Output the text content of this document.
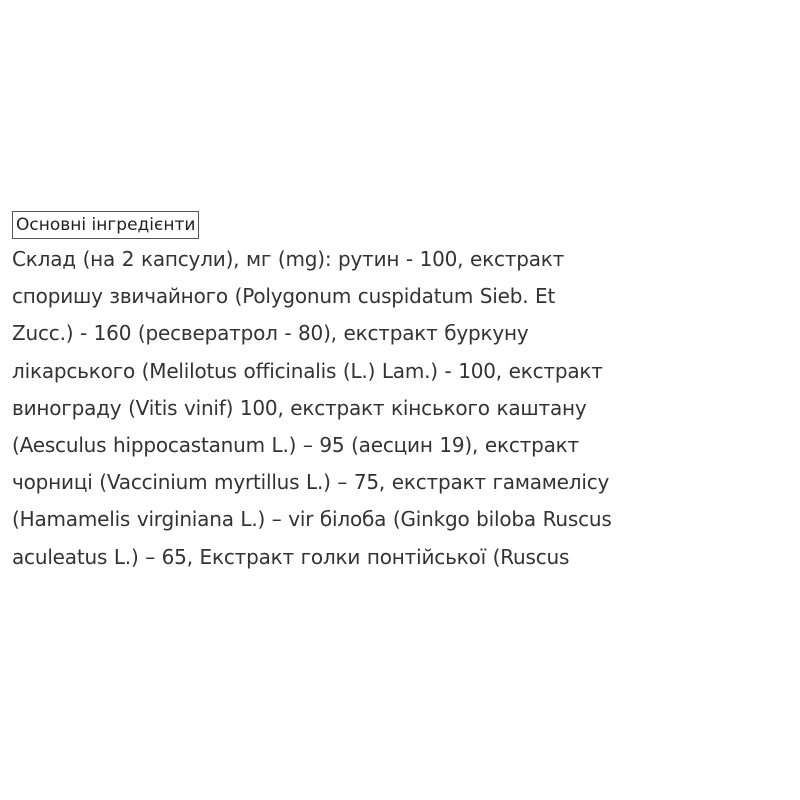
Основні інгредієнти
Склад (на 2 капсули), мг (mg): рутин - 100, екстракт
споришу звичайного (Polygonum cuspidatum Sieb. Et
Zucc.) - 160 (ресвератрол - 80), екстракт буркуну
лікарського (Melilotus officinalis (L.) Lam.) - 100, екстракт
винограду (Vitis vinif) 100, екстракт кінського каштану
(Aesculus hippocastanum L.) – 95 (аесцин 19), екстракт
чорниці (Vaccinium myrtillus L.) – 75, екстракт гамамелісу
(Hamamelis virginiana L.) – vir білоба (Ginkgo biloba Ruscus
aculeatus L.) – 65, Екстракт голки понтійської (Ruscus
